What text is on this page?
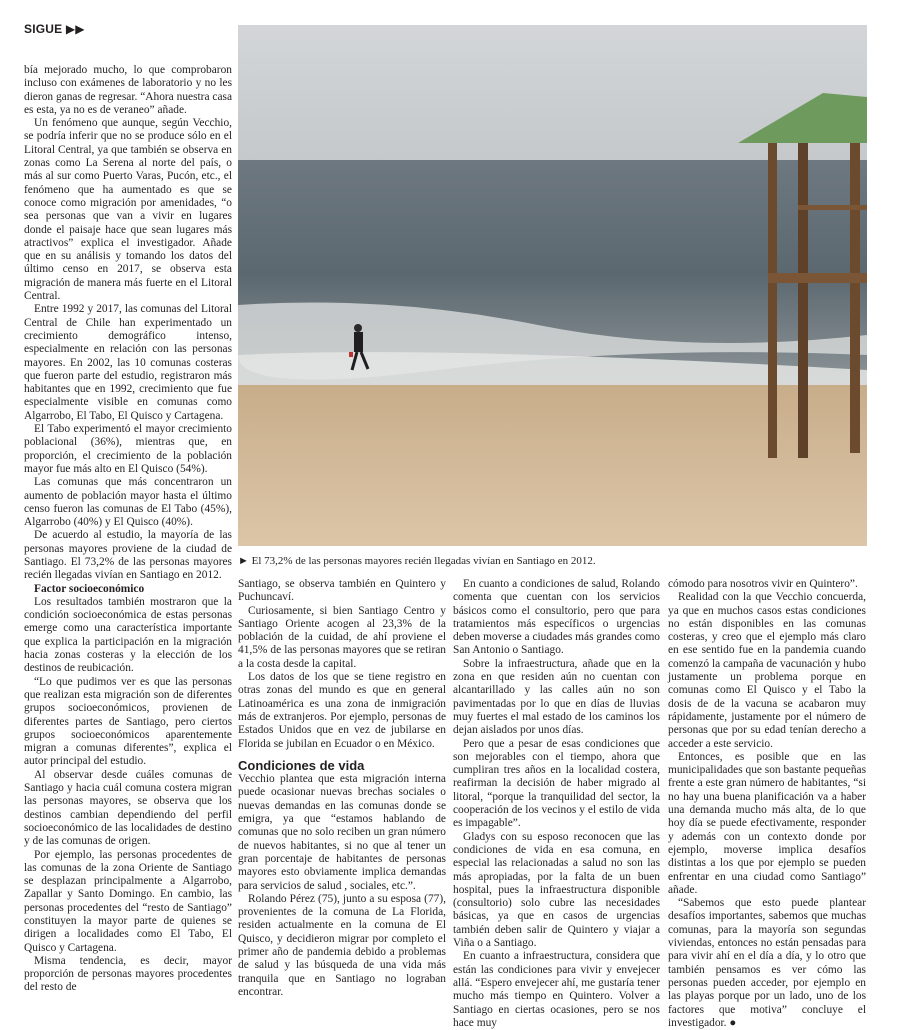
SIGUE ▶▶
► El 73,2% de las personas mayores recién llegadas vivían en Santiago en 2012.

bía mejorado mucho, lo que comprobaron incluso con exámenes de laboratorio y no les dieron ganas de regresar. “Ahora nuestra casa es esta, ya no es de veraneo” añade.

Un fenómeno que aunque, según Vecchio, se podría inferir que no se produce sólo en el Litoral Central, ya que también se observa en zonas como La Serena al norte del país, o más al sur como Puerto Varas, Pucón, etc., el fenómeno que ha aumentado es que se conoce como migración por amenidades, “o sea personas que van a vivir en lugares donde el paisaje hace que sean lugares más atractivos” explica el investigador. Añade que en su análisis y tomando los datos del último censo en 2017, se observa esta migración de manera más fuerte en el Litoral Central.

Entre 1992 y 2017, las comunas del Litoral Central de Chile han experimentado un crecimiento demográfico intenso, especialmente en relación con las personas mayores. En 2002, las 10 comunas costeras que fueron parte del estudio, registraron más habitantes que en 1992, crecimiento que fue especialmente visible en comunas como Algarrobo, El Tabo, El Quisco y Cartagena.

El Tabo experimentó el mayor crecimiento poblacional (36%), mientras que, en proporción, el crecimiento de la población mayor fue más alto en El Quisco (54%).

Las comunas que más concentraron un aumento de población mayor hasta el último censo fueron las comunas de El Tabo (45%), Algarrobo (40%) y El Quisco (40%).

De acuerdo al estudio, la mayoría de las personas mayores proviene de la ciudad de Santiago. El 73,2% de las personas mayores recién llegadas vivían en Santiago en 2012.

Factor socioeconómico

Los resultados también mostraron que la condición socioeconómica de estas personas emerge como una característica importante que explica la participación en la migración hacia zonas costeras y la elección de los destinos de reubicación.

“Lo que pudimos ver es que las personas que realizan esta migración son de diferentes grupos socioeconómicos, provienen de diferentes partes de Santiago, pero ciertos grupos socioeconómicos aparentemente migran a comunas diferentes”, explica el autor principal del estudio.

Al observar desde cuáles comunas de Santiago y hacia cuál comuna costera migran las personas mayores, se observa que los destinos cambian dependiendo del perfil socioeconómico de las localidades de destino y de las comunas de origen.

Por ejemplo, las personas procedentes de las comunas de la zona Oriente de Santiago se desplazan principalmente a Algarrobo, Zapallar y Santo Domingo. En cambio, las personas procedentes del “resto de Santiago” constituyen la mayor parte de quienes se dirigen a localidades como El Tabo, El Quisco y Cartagena.

Misma tendencia, es decir, mayor proporción de personas mayores procedentes del resto de

Santiago, se observa también en Quintero y Puchuncaví.

Curiosamente, si bien Santiago Centro y Santiago Oriente acogen al 23,3% de la población de la cuidad, de ahí proviene el 41,5% de las personas mayores que se retiran a la costa desde la capital.

Los datos de los que se tiene registro en otras zonas del mundo es que en general Latinoamérica es una zona de inmigración más de extranjeros. Por ejemplo, personas de Estados Unidos que en vez de jubilarse en Florida se jubilan en Ecuador o en México.

Condiciones de vida

Vecchio plantea que esta migración interna puede ocasionar nuevas brechas sociales o nuevas demandas en las comunas donde se emigra, ya que “estamos hablando de comunas que no solo reciben un gran número de nuevos habitantes, si no que al tener un gran porcentaje de habitantes de personas mayores esto obviamente implica demandas para servicios de salud , sociales, etc.”.

Rolando Pérez (75), junto a su esposa (77), provenientes de la comuna de La Florida, residen actualmente en la comuna de El Quisco, y decidieron migrar por completo el primer año de pandemia debido a problemas de salud y las búsqueda de una vida más tranquila que en Santiago no lograban encontrar.

En cuanto a condiciones de salud, Rolando comenta que cuentan con los servicios básicos como el consultorio, pero que para tratamientos más específicos o urgencias deben moverse a ciudades más grandes como San Antonio o Santiago.

Sobre la infraestructura, añade que en la zona en que residen aún no cuentan con alcantarillado y las calles aún no son pavimentadas por lo que en días de lluvias muy fuertes el mal estado de los caminos los dejan aislados por unos días.

Pero que a pesar de esas condiciones que son mejorables con el tiempo, ahora que cumpliran tres años en la localidad costera, reafirman la decisión de haber migrado al litoral, “porque la tranquilidad del sector, la cooperación de los vecinos y el estilo de vida es impagable”.

Gladys con su esposo reconocen que las condiciones de vida en esa comuna, en especial las relacionadas a salud no son las más apropiadas, por la falta de un buen hospital, pues la infraestructura disponible (consultorio) solo cubre las necesidades básicas, ya que en casos de urgencias también deben salir de Quintero y viajar a Viña o a Santiago.

En cuanto a infraestructura, considera que están las condiciones para vivir y envejecer allá. “Espero envejecer ahí, me gustaría tener mucho más tiempo en Quintero. Volver a Santiago en ciertas ocasiones, pero se nos hace muy

cómodo para nosotros vivir en Quintero”.

Realidad con la que Vecchio concuerda, ya que en muchos casos estas condiciones no están disponibles en las comunas costeras, y creo que el ejemplo más claro en ese sentido fue en la pandemia cuando comenzó la campaña de vacunación y hubo justamente un problema porque en comunas como El Quisco y el Tabo la dosis de de la vacuna se acabaron muy rápidamente, justamente por el número de personas que por su edad tenían derecho a acceder a este servicio.

Entonces, es posible que en las municipalidades que son bastante pequeñas frente a este gran número de habitantes, “si no hay una buena planificación va a haber una demanda mucho más alta, de lo que hoy día se puede efectivamente, responder y además con un contexto donde por ejemplo, moverse implica desafíos distintas a los que por ejemplo se pueden enfrentar en una ciudad como Santiago” añade.

“Sabemos que esto puede plantear desafíos importantes, sabemos que muchas comunas, para la mayoría son segundas viviendas, entonces no están pensadas para para vivir ahí en el día a día, y lo otro que también pensamos es ver cómo las personas pueden acceder, por ejemplo en las playas porque por un lado, uno de los factores que motiva” concluye el investigador. ●
